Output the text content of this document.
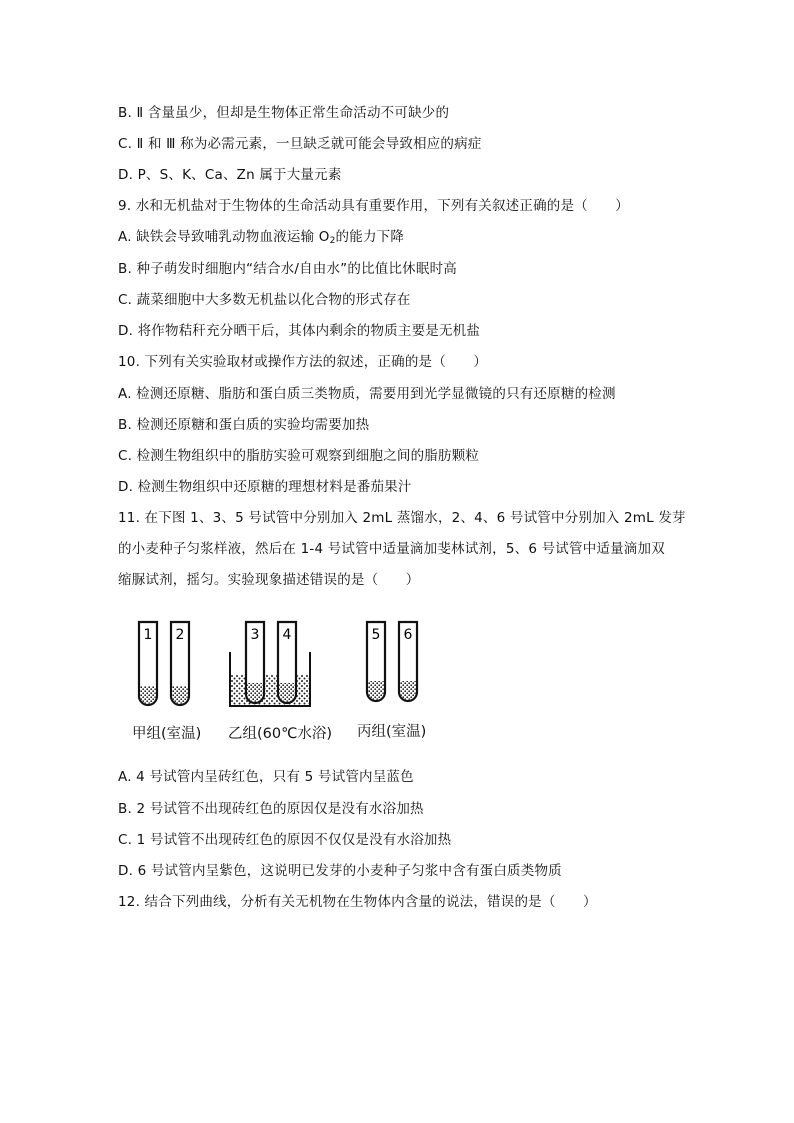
B. Ⅱ 含量虽少，但却是生物体正常生命活动不可缺少的
C. Ⅱ 和 Ⅲ 称为必需元素，一旦缺乏就可能会导致相应的病症
D. P、S、K、Ca、Zn 属于大量元素
9. 水和无机盐对于生物体的生命活动具有重要作用，下列有关叙述正确的是（　　）
A. 缺铁会导致哺乳动物血液运输 $O_2$的能力下降
B. 种子萌发时细胞内“结合水/自由水”的比值比休眠时高
C. 蔬菜细胞中大多数无机盐以化合物的形式存在
D. 将作物秸秆充分晒干后，其体内剩余的物质主要是无机盐
10. 下列有关实验取材或操作方法的叙述，正确的是（　　）
A. 检测还原糖、脂肪和蛋白质三类物质，需要用到光学显微镜的只有还原糖的检测
B. 检测还原糖和蛋白质的实验均需要加热
C. 检测生物组织中的脂肪实验可观察到细胞之间的脂肪颗粒
D. 检测生物组织中还原糖的理想材料是番茄果汁
11. 在下图 1、3、5 号试管中分别加入 2mL 蒸馏水，2、4、6 号试管中分别加入 2mL 发芽
的小麦种子匀浆样液，然后在 1-4 号试管中适量滴加斐林试剂，5、6 号试管中适量滴加双
缩脲试剂，摇匀。实验现象描述错误的是（　　）
1 2	3 4	5 6
甲组(室温) 乙组(60℃水浴) 丙组(室温)
A. 4 号试管内呈砖红色，只有 5 号试管内呈蓝色
B. 2 号试管不出现砖红色的原因仅是没有水浴加热
C. 1 号试管不出现砖红色的原因不仅仅是没有水浴加热
D. 6 号试管内呈紫色，这说明已发芽的小麦种子匀浆中含有蛋白质类物质
12. 结合下列曲线，分析有关无机物在生物体内含量的说法，错误的是（　　）
